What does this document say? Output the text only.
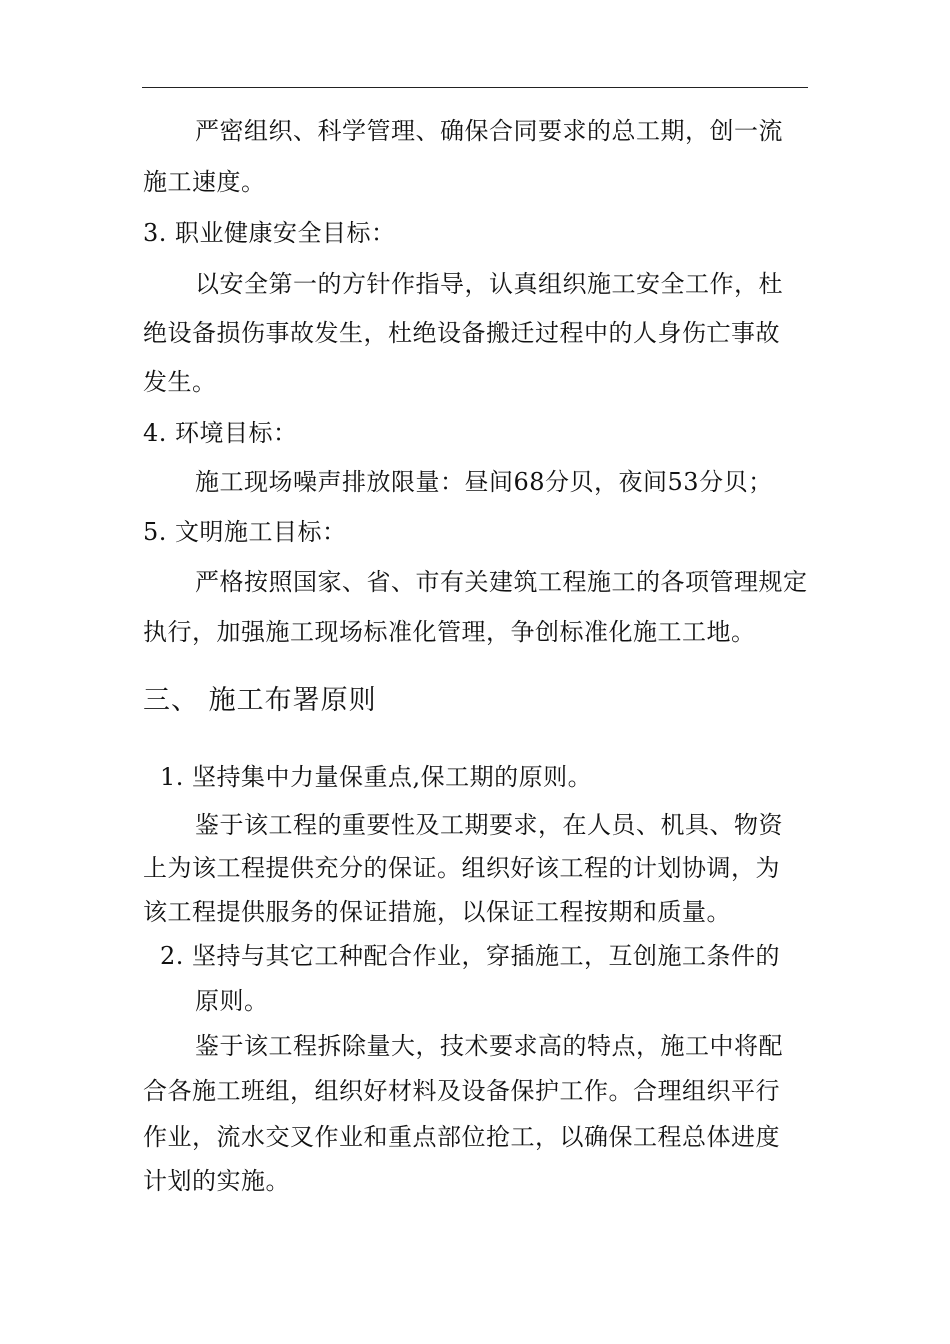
严密组织、科学管理、确保合同要求的总工期，创一流
施工速度。
3. 职业健康安全目标：
以安全第一的方针作指导，认真组织施工安全工作，杜
绝设备损伤事故发生，杜绝设备搬迁过程中的人身伤亡事故
发生。
4. 环境目标：
施工现场噪声排放限量：昼间68分贝，夜间53分贝；
5. 文明施工目标：
严格按照国家、省、市有关建筑工程施工的各项管理规定
执行，加强施工现场标准化管理，争创标准化施工工地。
三、 施工布署原则
1. 坚持集中力量保重点,保工期的原则。
鉴于该工程的重要性及工期要求，在人员、机具、物资
上为该工程提供充分的保证。组织好该工程的计划协调，为
该工程提供服务的保证措施，以保证工程按期和质量。
2. 坚持与其它工种配合作业，穿插施工，互创施工条件的
原则。
鉴于该工程拆除量大，技术要求高的特点，施工中将配
合各施工班组，组织好材料及设备保护工作。合理组织平行
作业，流水交叉作业和重点部位抢工，以确保工程总体进度
计划的实施。
